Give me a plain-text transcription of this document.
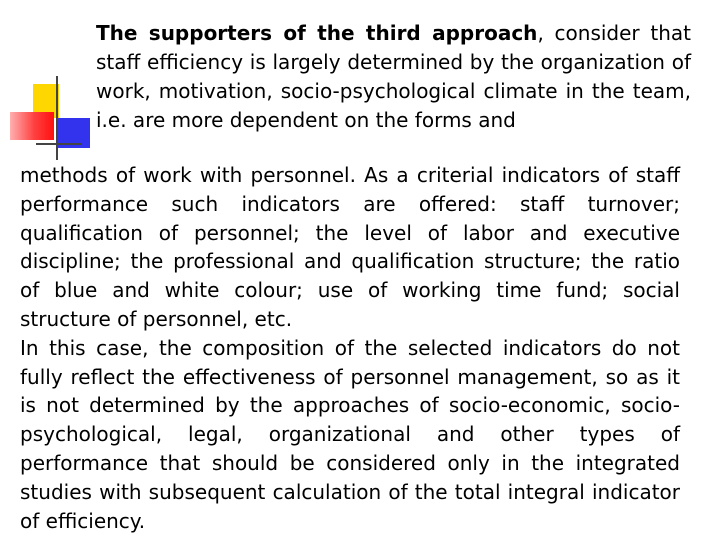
The supporters of the third approach, consider that staff efficiency is largely determined by the organization of work, motivation, socio-psychological climate in the team, i.e. are more dependent on the forms and

methods of work with personnel. As a criterial indicators of staff performance such indicators are offered: staff turnover; qualification of personnel; the level of labor and executive discipline; the professional and qualification structure; the ratio of blue and white colour; use of working time fund; social structure of personnel, etc.
In this case, the composition of the selected indicators do not fully reflect the effectiveness of personnel management, so as it is not determined by the approaches of socio-economic, socio-psychological, legal, organizational and other types of performance that should be considered only in the integrated studies with subsequent calculation of the total integral indicator of efficiency.
